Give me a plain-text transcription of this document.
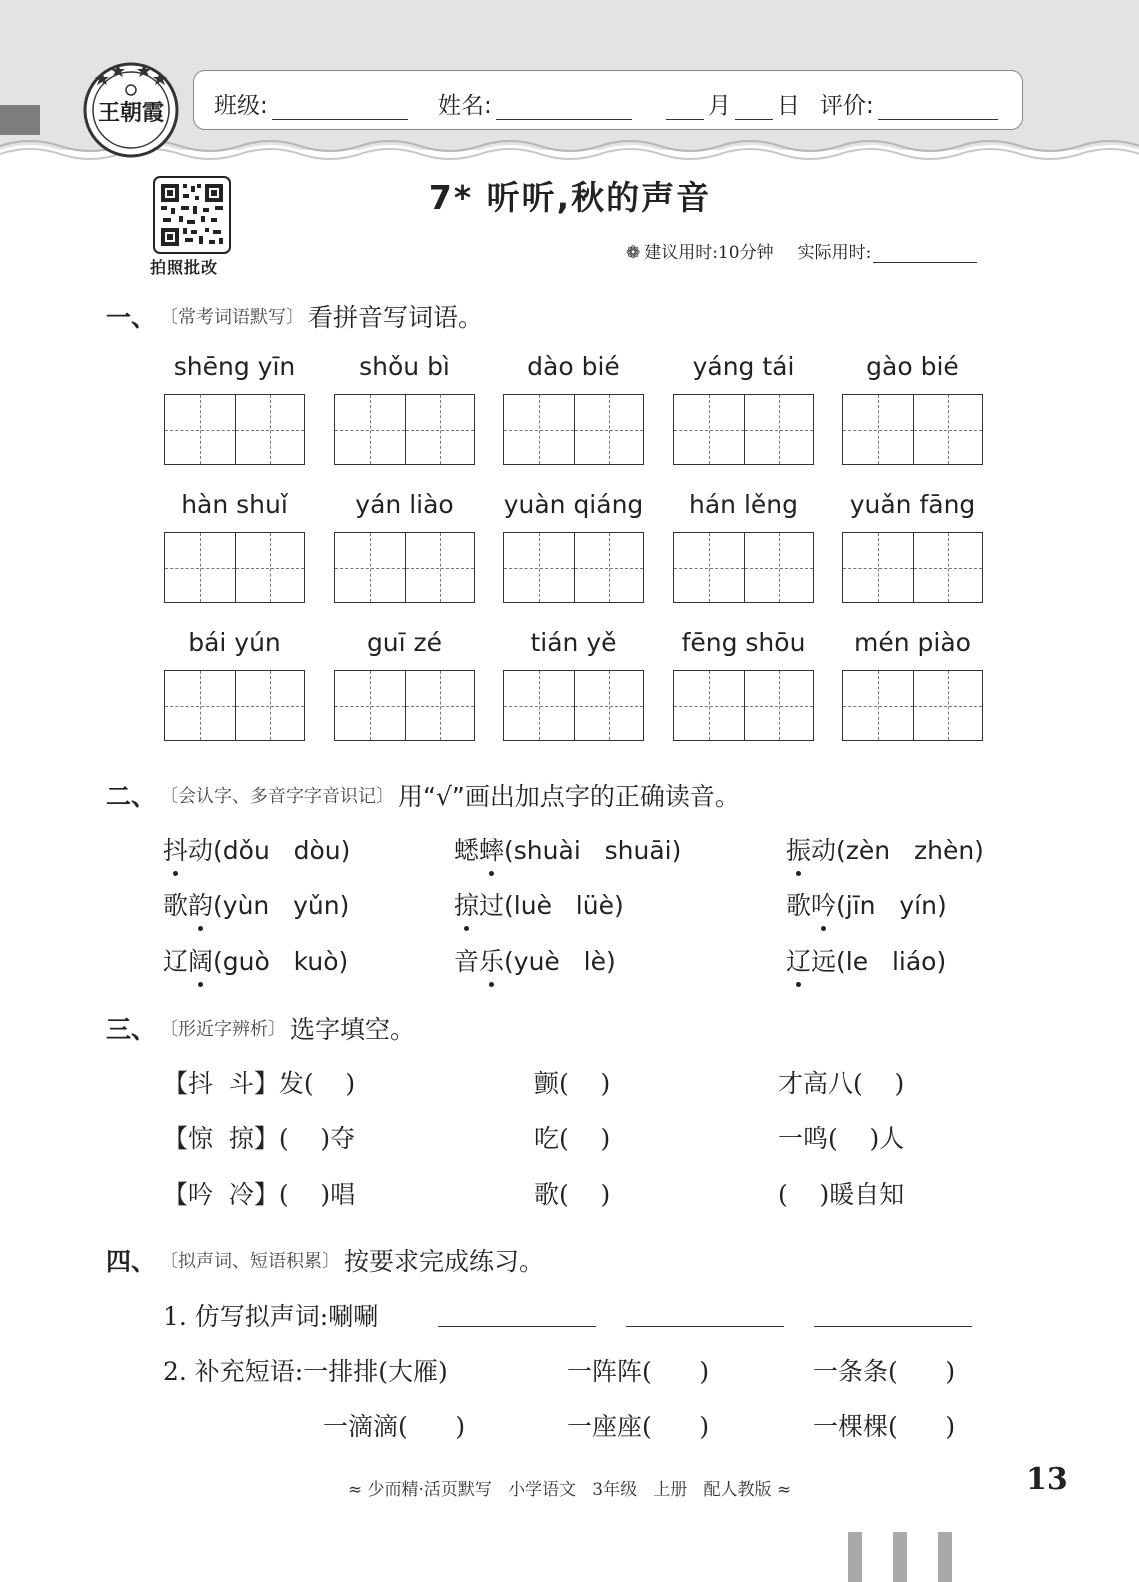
王朝霞 班级:	姓名:	月 日 评价:
拍照批改
7* 听听,秋的声音
❁ 建议用时:10分钟 实际用时:
一、 〔常考词语默写〕 看拼音写词语。
shēng yīn	shǒu bì	dào bié	yáng tái	gào bié
hàn shuǐ	yán liào	yuàn qiáng	hán lěng	yuǎn fāng
bái yún	guī zé	tián yě	fēng shōu	mén piào
二、 〔会认字、多音字字音识记〕 用“√”画出加点字的正确读音。
抖动(dǒu   dòu)	蟋蟀(shuài   shuāi)	振动(zèn   zhèn)
歌韵(yùn   yǔn)	掠过(luè   lüè)	歌吟(jīn   yín)
辽阔(guò   kuò)	音乐(yuè   lè)	辽远(le   liáo)
三、 〔形近字辨析〕 选字填空。
【抖  斗】发(    )	颤(    )	才高八(    )
【惊  掠】(    )夺	吃(    )	一鸣(    )人
【吟  冷】(    )唱	歌(    )	(    )暖自知
四、 〔拟声词、短语积累〕 按要求完成练习。
1. 仿写拟声词:唰唰
2. 补充短语:一排排(大雁)	一阵阵(      )	一条条(      )
一滴滴(      )	一座座(      )	一棵棵(      )
≈ 少而精·活页默写   小学语文   3年级   上册   配人教版 ≈	13
